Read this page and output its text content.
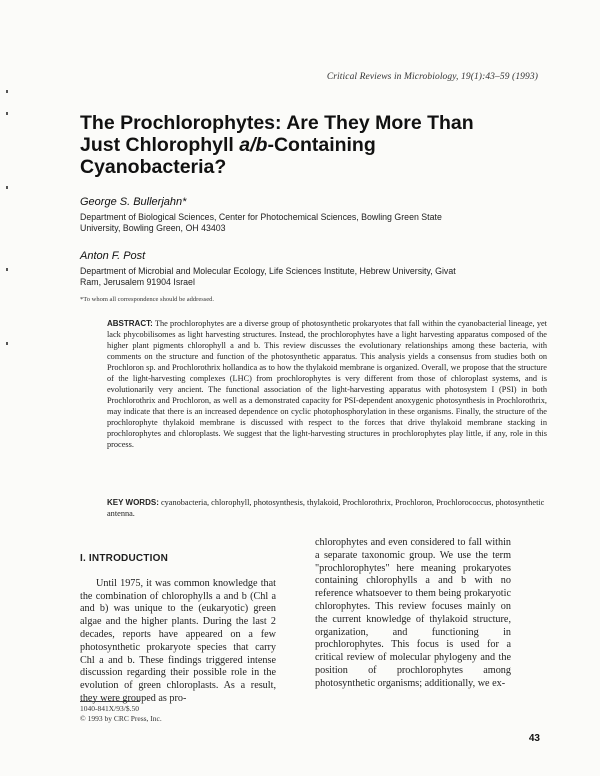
Critical Reviews in Microbiology, 19(1):43–59 (1993)
The Prochlorophytes: Are They More Than
Just Chlorophyll a/b-Containing
Cyanobacteria?
George S. Bullerjahn*
Department of Biological Sciences, Center for Photochemical Sciences, Bowling Green State
University, Bowling Green, OH 43403
Anton F. Post
Department of Microbial and Molecular Ecology, Life Sciences Institute, Hebrew University, Givat
Ram, Jerusalem 91904 Israel
*To whom all correspondence should be addressed.
ABSTRACT: The prochlorophytes are a diverse group of photosynthetic prokaryotes that fall within the cyanobacterial lineage, yet lack phycobilisomes as light harvesting structures. Instead, the prochlorophytes have a light harvesting apparatus composed of the higher plant pigments chlorophyll a and b. This review discusses the evolutionary relationships among these bacteria, with comments on the structure and function of the photosynthetic apparatus. This analysis yields a consensus from studies both on Prochloron sp. and Prochlorothrix hollandica as to how the thylakoid membrane is organized. Overall, we propose that the structure of the light-harvesting complexes (LHC) from prochlorophytes is very different from those of chloroplast systems, and is evolutionarily very ancient. The functional association of the light-harvesting apparatus with photosystem I (PSI) in both Prochlorothrix and Prochloron, as well as a demonstrated capacity for PSI-dependent anoxygenic photosynthesis in Prochlorothrix, may indicate that there is an increased dependence on cyclic photophosphorylation in these organisms. Finally, the structure of the prochlorophyte thylakoid membrane is discussed with respect to the forces that drive thylakoid membrane stacking in prochlorophytes and chloroplasts. We suggest that the light-harvesting structures in prochlorophytes play little, if any, role in this process.
KEY WORDS: cyanobacteria, chlorophyll, photosynthesis, thylakoid, Prochlorothrix, Prochloron, Prochlorococcus, photosynthetic antenna.
I. INTRODUCTION

Until 1975, it was common knowledge that the combination of chlorophylls a and b (Chl a and b) was unique to the (eukaryotic) green algae and the higher plants. During the last 2 decades, reports have appeared on a few photosynthetic prokaryote species that carry Chl a and b. These findings triggered intense discussion regarding their possible role in the evolution of green chloroplasts. As a result, they were grouped as pro-

chlorophytes and even considered to fall within a separate taxonomic group. We use the term "prochlorophytes" here meaning prokaryotes containing chlorophylls a and b with no reference whatsoever to them being prokaryotic chlorophytes. This review focuses mainly on the current knowledge of thylakoid structure, organization, and functioning in prochlorophytes. This focus is used for a critical review of molecular phylogeny and the position of prochlorophytes among photosynthetic organisms; additionally, we ex-

1040-841X/93/$.50
© 1993 by CRC Press, Inc.
43
